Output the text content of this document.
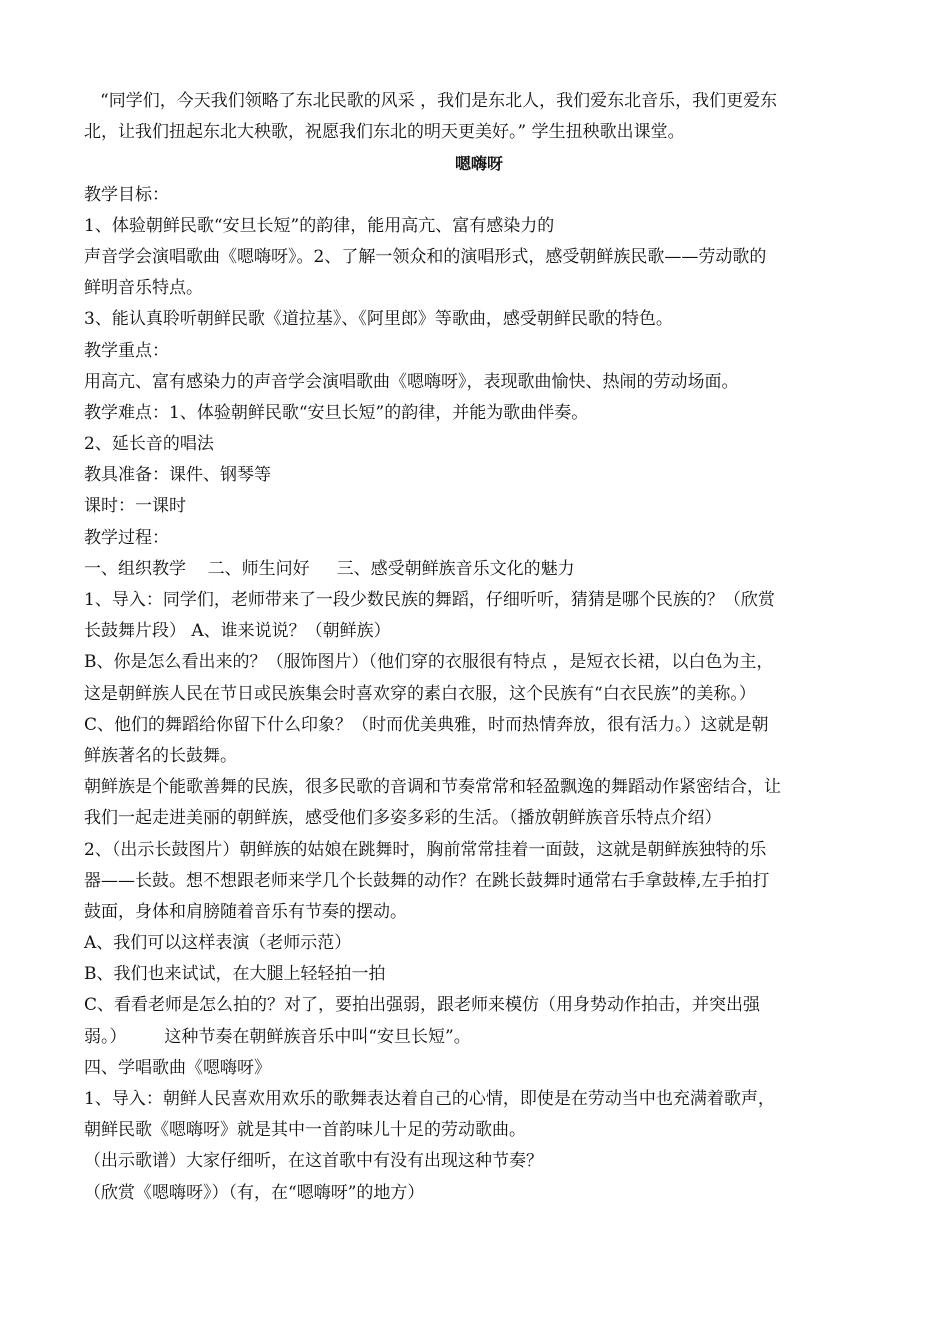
“同学们，今天我们领略了东北民歌的风采 ，我们是东北人，我们爱东北音乐，我们更爱东
北，让我们扭起东北大秧歌，祝愿我们东北的明天更美好。” 学生扭秧歌出课堂。
嗯嗨呀
教学目标：
1、体验朝鲜民歌“安旦长短”的韵律，能用高亢、富有感染力的
声音学会演唱歌曲《嗯嗨呀》。2、了解一领众和的演唱形式，感受朝鲜族民歌——劳动歌的
鲜明音乐特点。
3、能认真聆听朝鲜民歌《道拉基》、《阿里郎》等歌曲，感受朝鲜民歌的特色。
教学重点：
用高亢、富有感染力的声音学会演唱歌曲《嗯嗨呀》，表现歌曲愉快、热闹的劳动场面。
教学难点：1、体验朝鲜民歌“安旦长短”的韵律，并能为歌曲伴奏。
2、延长音的唱法
教具准备：课件、钢琴等
课时：一课时
教学过程：
一、组织教学    二、师生问好     三、感受朝鲜族音乐文化的魅力
1、导入：同学们，老师带来了一段少数民族的舞蹈，仔细听听，猜猜是哪个民族的？（欣赏
长鼓舞片段） A、谁来说说？（朝鲜族）
B、你是怎么看出来的？（服饰图片）（他们穿的衣服很有特点 ，是短衣长裙，以白色为主，
这是朝鲜族人民在节日或民族集会时喜欢穿的素白衣服，这个民族有“白衣民族”的美称。）
C、他们的舞蹈给你留下什么印象？（时而优美典雅，时而热情奔放，很有活力。）这就是朝
鲜族著名的长鼓舞。
朝鲜族是个能歌善舞的民族，很多民歌的音调和节奏常常和轻盈飘逸的舞蹈动作紧密结合，让
我们一起走进美丽的朝鲜族，感受他们多姿多彩的生活。（播放朝鲜族音乐特点介绍）
2、（出示长鼓图片）朝鲜族的姑娘在跳舞时，胸前常常挂着一面鼓，这就是朝鲜族独特的乐
器——长鼓。想不想跟老师来学几个长鼓舞的动作？在跳长鼓舞时通常右手拿鼓棒,左手拍打
鼓面，身体和肩膀随着音乐有节奏的摆动。
A、我们可以这样表演（老师示范）
B、我们也来试试，在大腿上轻轻拍一拍
C、看看老师是怎么拍的？对了，要拍出强弱，跟老师来模仿（用身势动作拍击，并突出强
弱。）       这种节奏在朝鲜族音乐中叫“安旦长短”。
四、学唱歌曲《嗯嗨呀》
1、导入：朝鲜人民喜欢用欢乐的歌舞表达着自己的心情，即使是在劳动当中也充满着歌声，
朝鲜民歌《嗯嗨呀》就是其中一首韵味儿十足的劳动歌曲。
（出示歌谱）大家仔细听，在这首歌中有没有出现这种节奏？
（欣赏《嗯嗨呀》）（有，在“嗯嗨呀”的地方）
